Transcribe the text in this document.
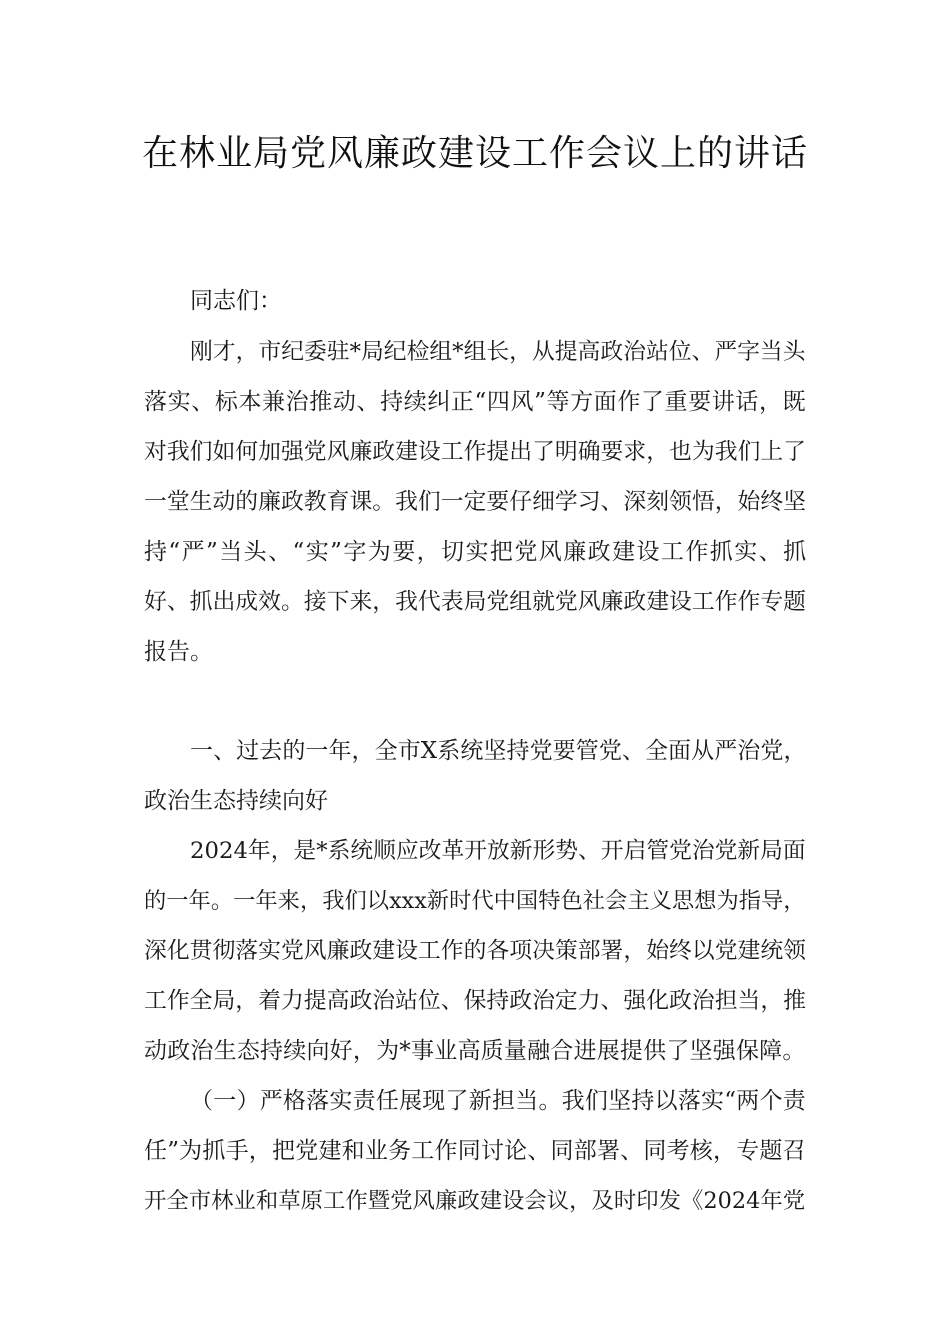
在林业局党风廉政建设工作会议上的讲话

同志们：

刚才，市纪委驻*局纪检组*组长，从提高政治站位、严字当头

落实、标本兼治推动、持续纠正“四风”等方面作了重要讲话，既

对我们如何加强党风廉政建设工作提出了明确要求，也为我们上了

一堂生动的廉政教育课。我们一定要仔细学习、深刻领悟，始终坚

持“严”当头、“实”字为要，切实把党风廉政建设工作抓实、抓

好、抓出成效。接下来，我代表局党组就党风廉政建设工作作专题

报告。

一、过去的一年，全市X系统坚持党要管党、全面从严治党，

政治生态持续向好

2024年，是*系统顺应改革开放新形势、开启管党治党新局面

的一年。一年来，我们以xxx新时代中国特色社会主义思想为指导，

深化贯彻落实党风廉政建设工作的各项决策部署，始终以党建统领

工作全局，着力提高政治站位、保持政治定力、强化政治担当，推

动政治生态持续向好，为*事业高质量融合进展提供了坚强保障。

（一）严格落实责任展现了新担当。我们坚持以落实“两个责

任”为抓手，把党建和业务工作同讨论、同部署、同考核，专题召

开全市林业和草原工作暨党风廉政建设会议，及时印发《2024年党
